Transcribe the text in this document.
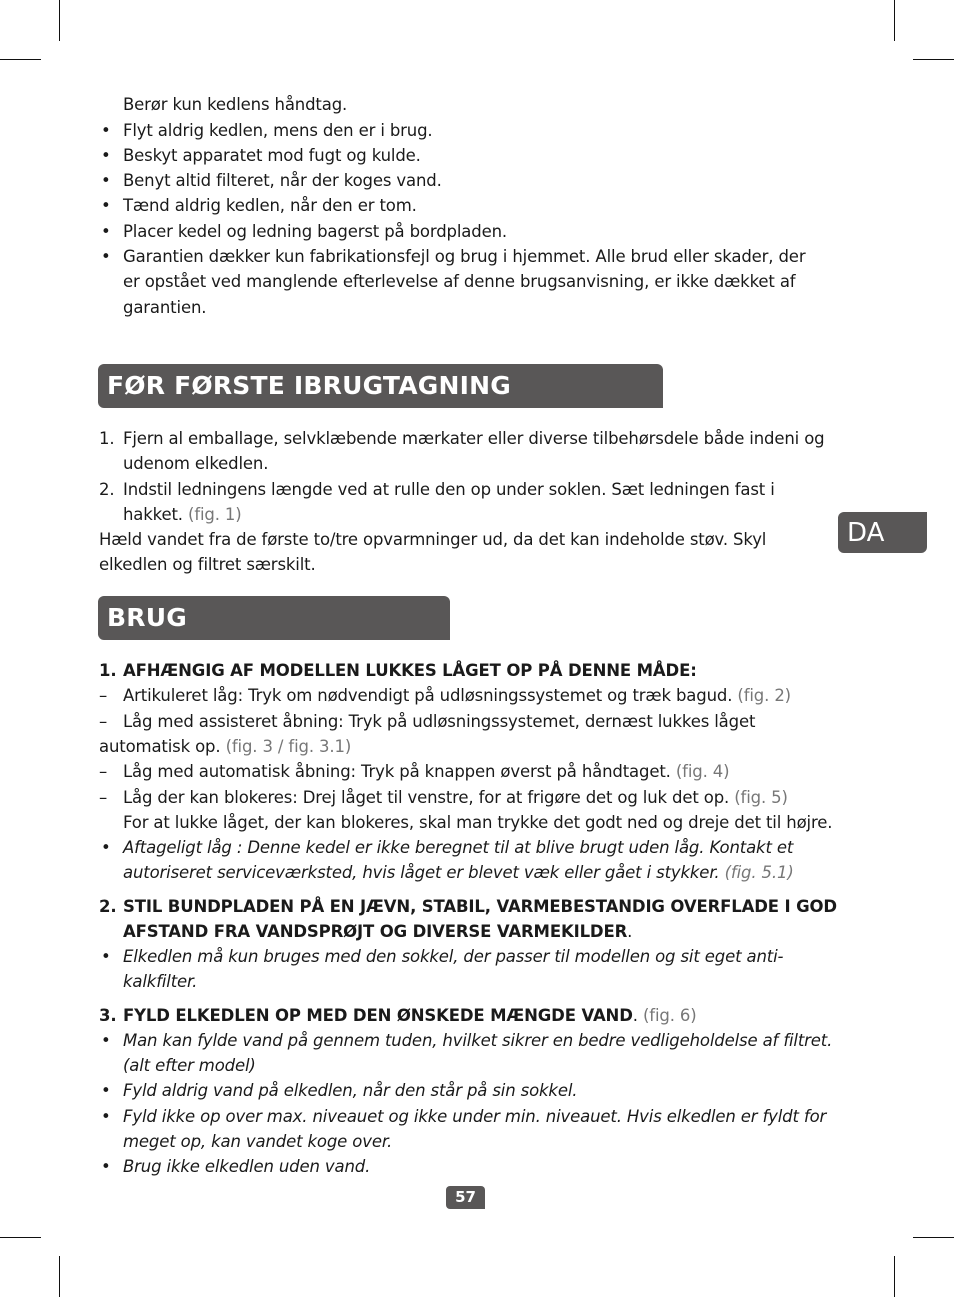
Berør kun kedlens håndtag.
• Flyt aldrig kedlen, mens den er i brug.
• Beskyt apparatet mod fugt og kulde.
• Benyt altid filteret, når der koges vand.
• Tænd aldrig kedlen, når den er tom.
• Placer kedel og ledning bagerst på bordpladen.
• Garantien dækker kun fabrikationsfejl og brug i hjemmet. Alle brud eller skader, der
er opstået ved manglende efterlevelse af denne brugsanvisning, er ikke dækket af
garantien.
FØR FØRSTE IBRUGTAGNING
1. Fjern al emballage, selvklæbende mærkater eller diverse tilbehørsdele både indeni og
udenom elkedlen.
2. Indstil ledningens længde ved at rulle den op under soklen. Sæt ledningen fast i
hakket. (fig. 1)
Hæld vandet fra de første to/tre opvarmninger ud, da det kan indeholde støv. Skyl
elkedlen og filtret særskilt.
DA
BRUG
1. AFHÆNGIG AF MODELLEN LUKKES LÅGET OP PÅ DENNE MÅDE:
– Artikuleret låg: Tryk om nødvendigt på udløsningssystemet og træk bagud. (fig. 2)
– Låg med assisteret åbning: Tryk på udløsningssystemet, dernæst lukkes låget
automatisk op. (fig. 3 / fig. 3.1)
– Låg med automatisk åbning: Tryk på knappen øverst på håndtaget. (fig. 4)
– Låg der kan blokeres: Drej låget til venstre, for at frigøre det og luk det op. (fig. 5)
For at lukke låget, der kan blokeres, skal man trykke det godt ned og dreje det til højre.
• Aftageligt låg : Denne kedel er ikke beregnet til at blive brugt uden låg. Kontakt et
autoriseret serviceværksted, hvis låget er blevet væk eller gået i stykker. (fig. 5.1)
2. STIL BUNDPLADEN PÅ EN JÆVN, STABIL, VARMEBESTANDIG OVERFLADE I GOD
AFSTAND FRA VANDSPRØJT OG DIVERSE VARMEKILDER.
• Elkedlen må kun bruges med den sokkel, der passer til modellen og sit eget anti-
kalkfilter.
3. FYLD ELKEDLEN OP MED DEN ØNSKEDE MÆNGDE VAND. (fig. 6)
• Man kan fylde vand på gennem tuden, hvilket sikrer en bedre vedligeholdelse af filtret.
(alt efter model)
• Fyld aldrig vand på elkedlen, når den står på sin sokkel.
• Fyld ikke op over max. niveauet og ikke under min. niveauet. Hvis elkedlen er fyldt for
meget op, kan vandet koge over.
• Brug ikke elkedlen uden vand.
57
